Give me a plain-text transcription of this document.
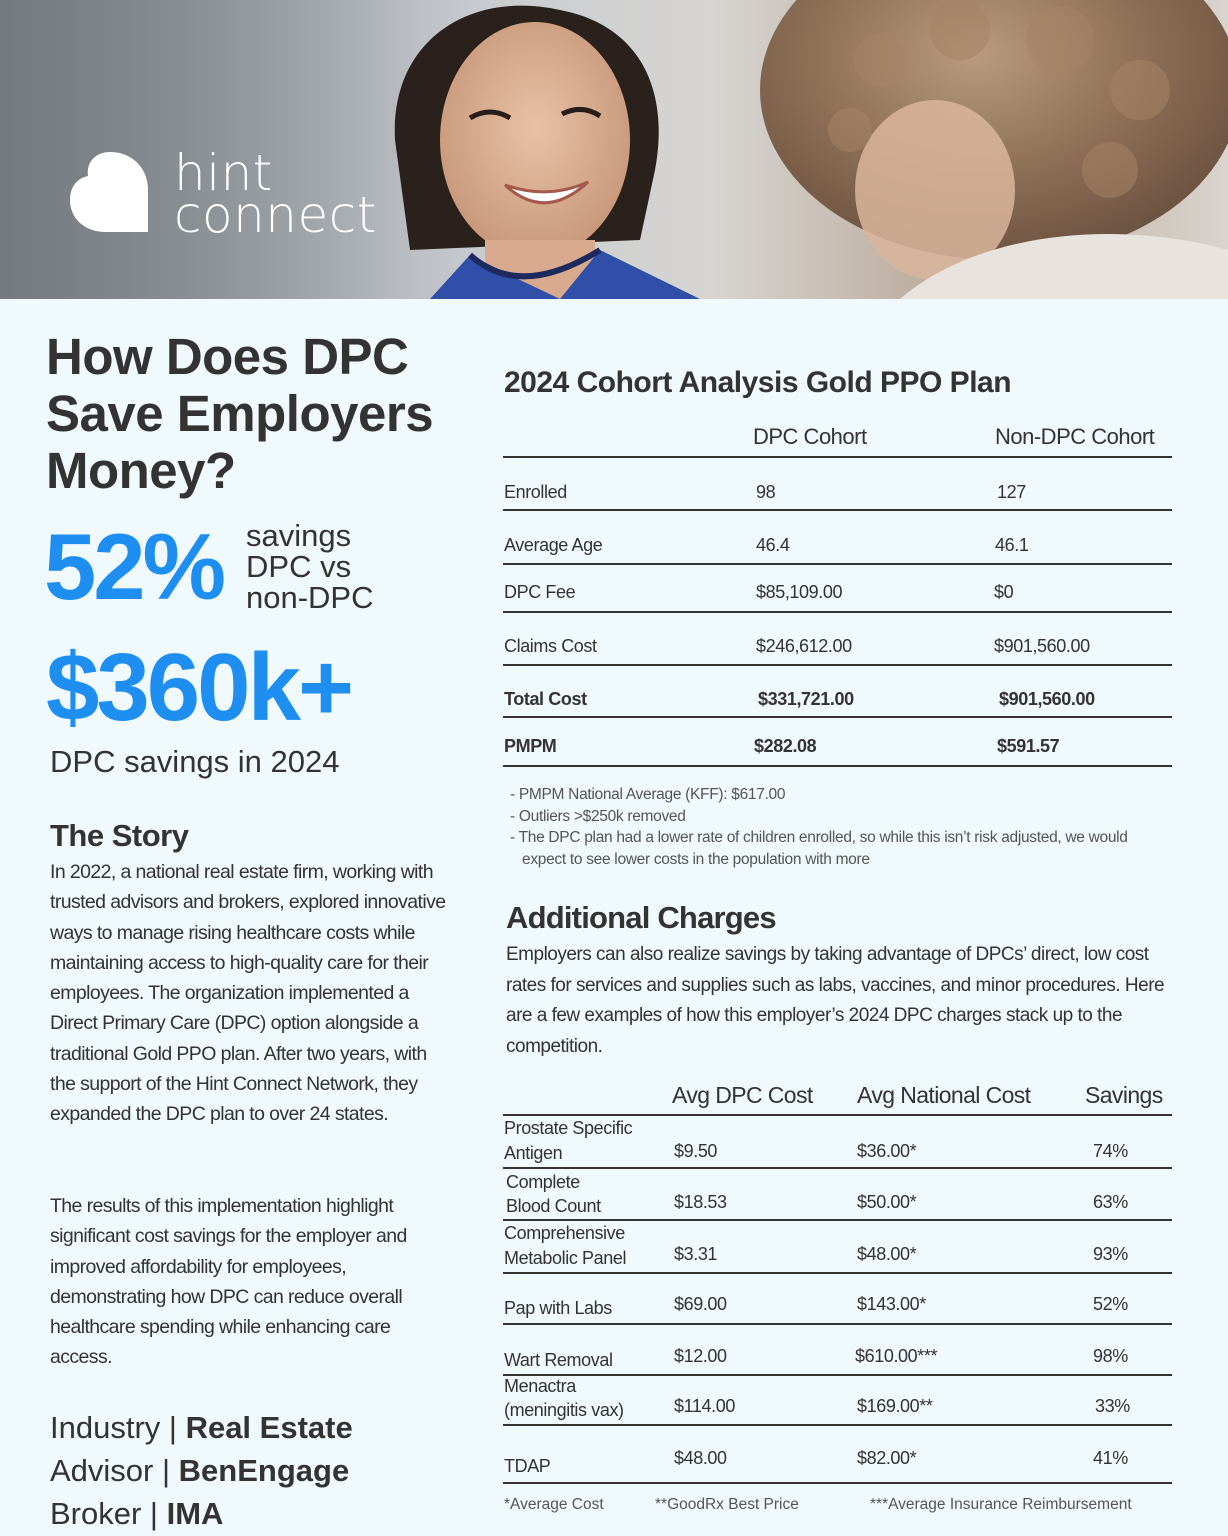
hint
connect
How Does DPC Save Employers Money?
52% savings
DPC vs
non-DPC
$360k+
DPC savings in 2024
The Story

In 2022, a national real estate firm, working with trusted advisors and brokers, explored innovative ways to manage rising healthcare costs while maintaining access to high-quality care for their employees. The organization implemented a Direct Primary Care (DPC) option alongside a traditional Gold PPO plan. After two years, with the support of the Hint Connect Network, they expanded the DPC plan to over 24 states.

The results of this implementation highlight significant cost savings for the employer and improved affordability for employees, demonstrating how DPC can reduce overall healthcare spending while enhancing care access.

Industry | Real Estate
Advisor | BenEngage
Broker | IMA
2024 Cohort Analysis Gold PPO Plan
DPC Cohort	Non-DPC Cohort
Enrolled	98	127
Average Age	46.4	46.1
DPC Fee	$85,109.00	$0
Claims Cost	$246,612.00	$901,560.00
Total Cost	$331,721.00	$901,560.00
PMPM	$282.08	$591.57
- PMPM National Average (KFF): $617.00
- Outliers >$250k removed
- The DPC plan had a lower rate of children enrolled, so while this isn’t risk adjusted, we would expect to see lower costs in the population with more
Additional Charges

Employers can also realize savings by taking advantage of DPCs’ direct, low cost rates for services and supplies such as labs, vaccines, and minor procedures. Here are a few examples of how this employer’s 2024 DPC charges stack up to the competition.

Avg DPC Cost Avg National Cost Savings
Prostate Specific
Antigen	$9.50	$36.00*	74%
Complete
Blood Count	$18.53	$50.00*	63%
Comprehensive
Metabolic Panel	$3.31	$48.00*	93%
Pap with Labs	$69.00	$143.00*	52%
Wart Removal	$12.00	$610.00***	98%
Menactra
(meningitis vax)	$114.00	$169.00**	33%
TDAP	$48.00	$82.00*	41%
*Average Cost	**GoodRx Best Price	***Average Insurance Reimbursement
